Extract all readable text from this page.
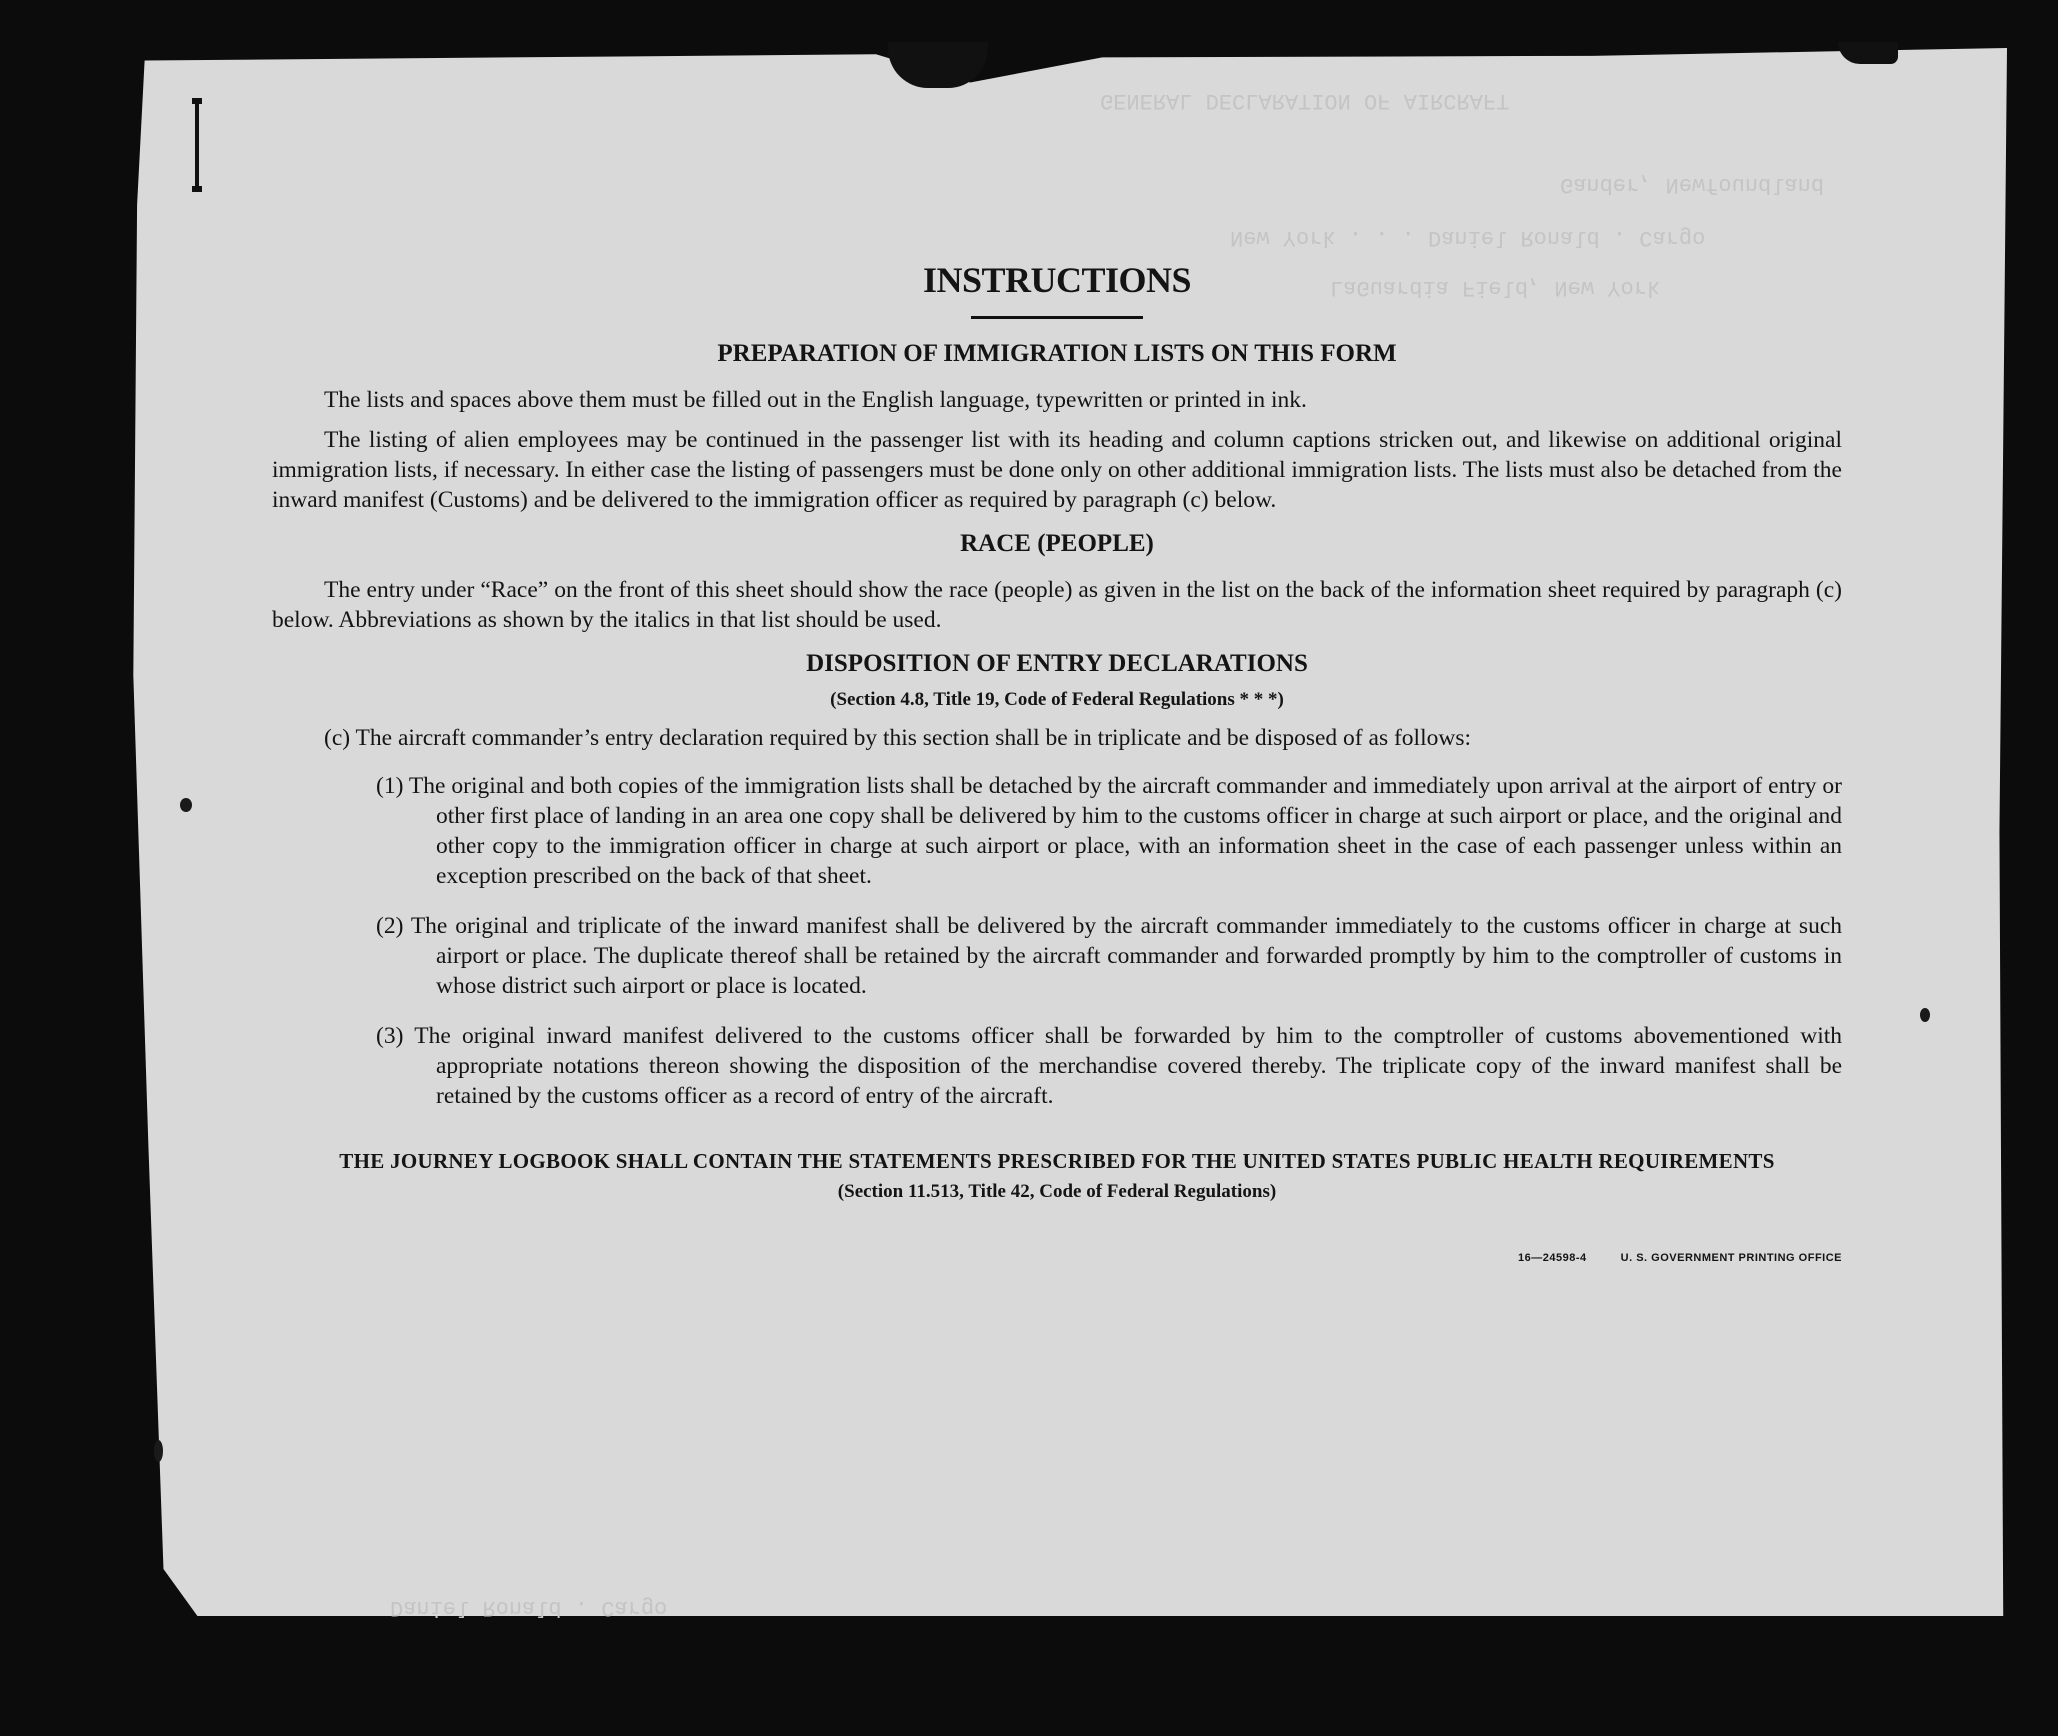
GENERAL DECLARATION OF AIRCRAFT
Gander, Newfoundland
New York . . . Daniel Ronald . Cargo
LaGuardia Field, New York
Daniel Ronald . Cargo
INSTRUCTIONS
PREPARATION OF IMMIGRATION LISTS ON THIS FORM

The lists and spaces above them must be filled out in the English language, typewritten or printed in ink.

The listing of alien employees may be continued in the passenger list with its heading and column captions stricken out, and likewise on additional original immigration lists, if necessary. In either case the listing of passengers must be done only on other additional immigration lists. The lists must also be detached from the inward manifest (Customs) and be delivered to the immigration officer as required by paragraph (c) below.

RACE (PEOPLE)

The entry under “Race” on the front of this sheet should show the race (people) as given in the list on the back of the information sheet required by paragraph (c) below. Abbreviations as shown by the italics in that list should be used.

DISPOSITION OF ENTRY DECLARATIONS
(Section 4.8, Title 19, Code of Federal Regulations * * *)

(c) The aircraft commander’s entry declaration required by this section shall be in triplicate and be disposed of as follows:

(1) The original and both copies of the immigration lists shall be detached by the aircraft commander and immediately upon arrival at the airport of entry or other first place of landing in an area one copy shall be delivered by him to the customs officer in charge at such airport or place, and the original and other copy to the immigration officer in charge at such airport or place, with an information sheet in the case of each passenger unless within an exception prescribed on the back of that sheet.

(2) The original and triplicate of the inward manifest shall be delivered by the aircraft commander immediately to the customs officer in charge at such airport or place. The duplicate thereof shall be retained by the aircraft commander and forwarded promptly by him to the comptroller of customs in whose district such airport or place is located.

(3) The original inward manifest delivered to the customs officer shall be forwarded by him to the comptroller of customs abovementioned with appropriate notations thereon showing the disposition of the merchandise covered thereby. The triplicate copy of the inward manifest shall be retained by the customs officer as a record of entry of the aircraft.

THE JOURNEY LOGBOOK SHALL CONTAIN THE STATEMENTS PRESCRIBED FOR THE UNITED STATES PUBLIC HEALTH REQUIREMENTS
(Section 11.513, Title 42, Code of Federal Regulations)
16—24598-4	U. S. GOVERNMENT PRINTING OFFICE
